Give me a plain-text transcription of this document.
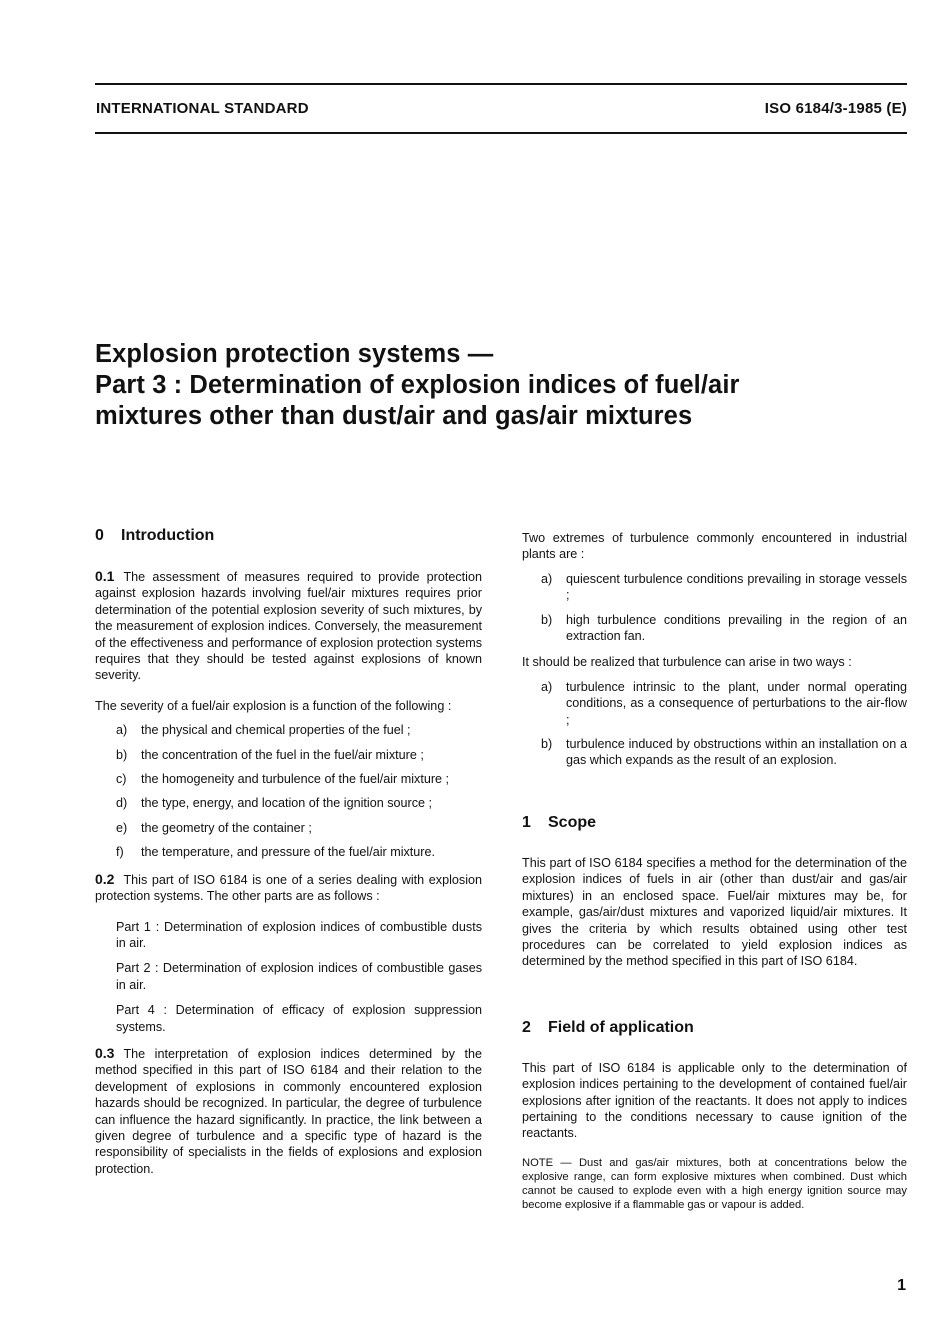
INTERNATIONAL STANDARD	ISO 6184/3-1985 (E)
Explosion protection systems —
Part 3 : Determination of explosion indices of fuel/air
mixtures other than dust/air and gas/air mixtures
0 Introduction

0.1 The assessment of measures required to provide protection against explosion hazards involving fuel/air mixtures requires prior determination of the potential explosion severity of such mixtures, by the measurement of explosion indices. Conversely, the measurement of the effectiveness and performance of explosion protection systems requires that they should be tested against explosions of known severity.

The severity of a fuel/air explosion is a function of the following :

a)	the physical and chemical properties of the fuel ;
b)	the concentration of the fuel in the fuel/air mixture ;
c)	the homogeneity and turbulence of the fuel/air mixture ;
d)	the type, energy, and location of the ignition source ;
e)	the geometry of the container ;
f)	the temperature, and pressure of the fuel/air mixture.

0.2 This part of ISO 6184 is one of a series dealing with explosion protection systems. The other parts are as follows :

Part 1 : Determination of explosion indices of combustible dusts in air.

Part 2 : Determination of explosion indices of combustible gases in air.

Part 4 : Determination of efficacy of explosion suppression systems.

0.3 The interpretation of explosion indices determined by the method specified in this part of ISO 6184 and their relation to the development of explosions in commonly encountered explosion hazards should be recognized. In particular, the degree of turbulence can influence the hazard significantly. In practice, the link between a given degree of turbulence and a specific type of hazard is the responsibility of specialists in the fields of explosions and explosion protection.

Two extremes of turbulence commonly encountered in industrial plants are :

a)	quiescent turbulence conditions prevailing in storage vessels ;
b)	high turbulence conditions prevailing in the region of an extraction fan.

It should be realized that turbulence can arise in two ways :

a)	turbulence intrinsic to the plant, under normal operating conditions, as a consequence of perturbations to the air-flow ;
b)	turbulence induced by obstructions within an installation on a gas which expands as the result of an explosion.
1 Scope

This part of ISO 6184 specifies a method for the determination of the explosion indices of fuels in air (other than dust/air and gas/air mixtures) in an enclosed space. Fuel/air mixtures may be, for example, gas/air/dust mixtures and vaporized liquid/air mixtures. It gives the criteria by which results obtained using other test procedures can be correlated to yield explosion indices as determined by the method specified in this part of ISO 6184.

2 Field of application

This part of ISO 6184 is applicable only to the determination of explosion indices pertaining to the development of contained fuel/air explosions after ignition of the reactants. It does not apply to indices pertaining to the conditions necessary to cause ignition of the reactants.

NOTE — Dust and gas/air mixtures, both at concentrations below the explosive range, can form explosive mixtures when combined. Dust which cannot be caused to explode even with a high energy ignition source may become explosive if a flammable gas or vapour is added.

1
